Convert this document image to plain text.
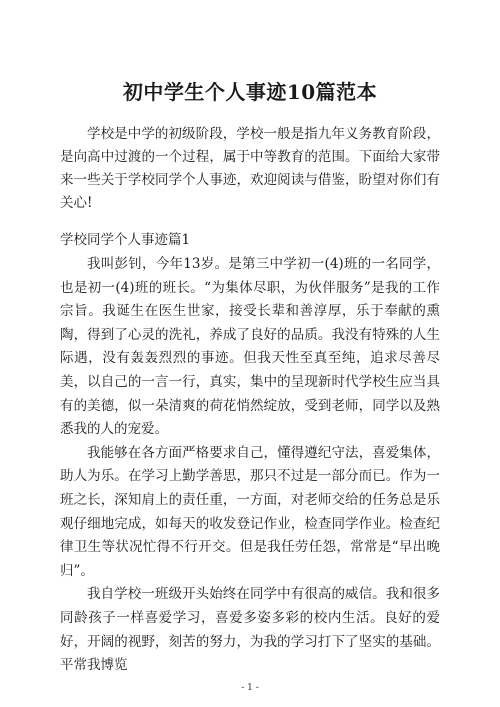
初中学生个人事迹10篇范本

学校是中学的初级阶段，学校一般是指九年义务教育阶段，是向高中过渡的一个过程，属于中等教育的范围。下面给大家带来一些关于学校同学个人事迹，欢迎阅读与借鉴，盼望对你们有关心!

学校同学个人事迹篇1

我叫彭钊，今年13岁。是第三中学初一(4)班的一名同学，也是初一(4)班的班长。“为集体尽职，为伙伴服务”是我的工作宗旨。我诞生在医生世家，接受长辈和善淳厚，乐于奉献的熏陶，得到了心灵的洗礼，养成了良好的品质。我没有特殊的人生际遇，没有轰轰烈烈的事迹。但我天性至真至纯，追求尽善尽美，以自己的一言一行，真实，集中的呈现新时代学校生应当具有的美德，似一朵清爽的荷花悄然绽放，受到老师，同学以及熟悉我的人的宠爱。

我能够在各方面严格要求自己，懂得遵纪守法，喜爱集体，助人为乐。在学习上勤学善思，那只不过是一部分而已。作为一班之长，深知肩上的责任重，一方面，对老师交给的任务总是乐观仔细地完成，如每天的收发登记作业，检查同学作业。检查纪律卫生等状况忙得不行开交。但是我任劳任怨，常常是“早出晚归”。

我自学校一班级开头始终在同学中有很高的威信。我和很多同龄孩子一样喜爱学习，喜爱多姿多彩的校内生活。良好的爱好，开阔的视野，刻苦的努力，为我的学习打下了坚实的基础。平常我博览

- 1 -
